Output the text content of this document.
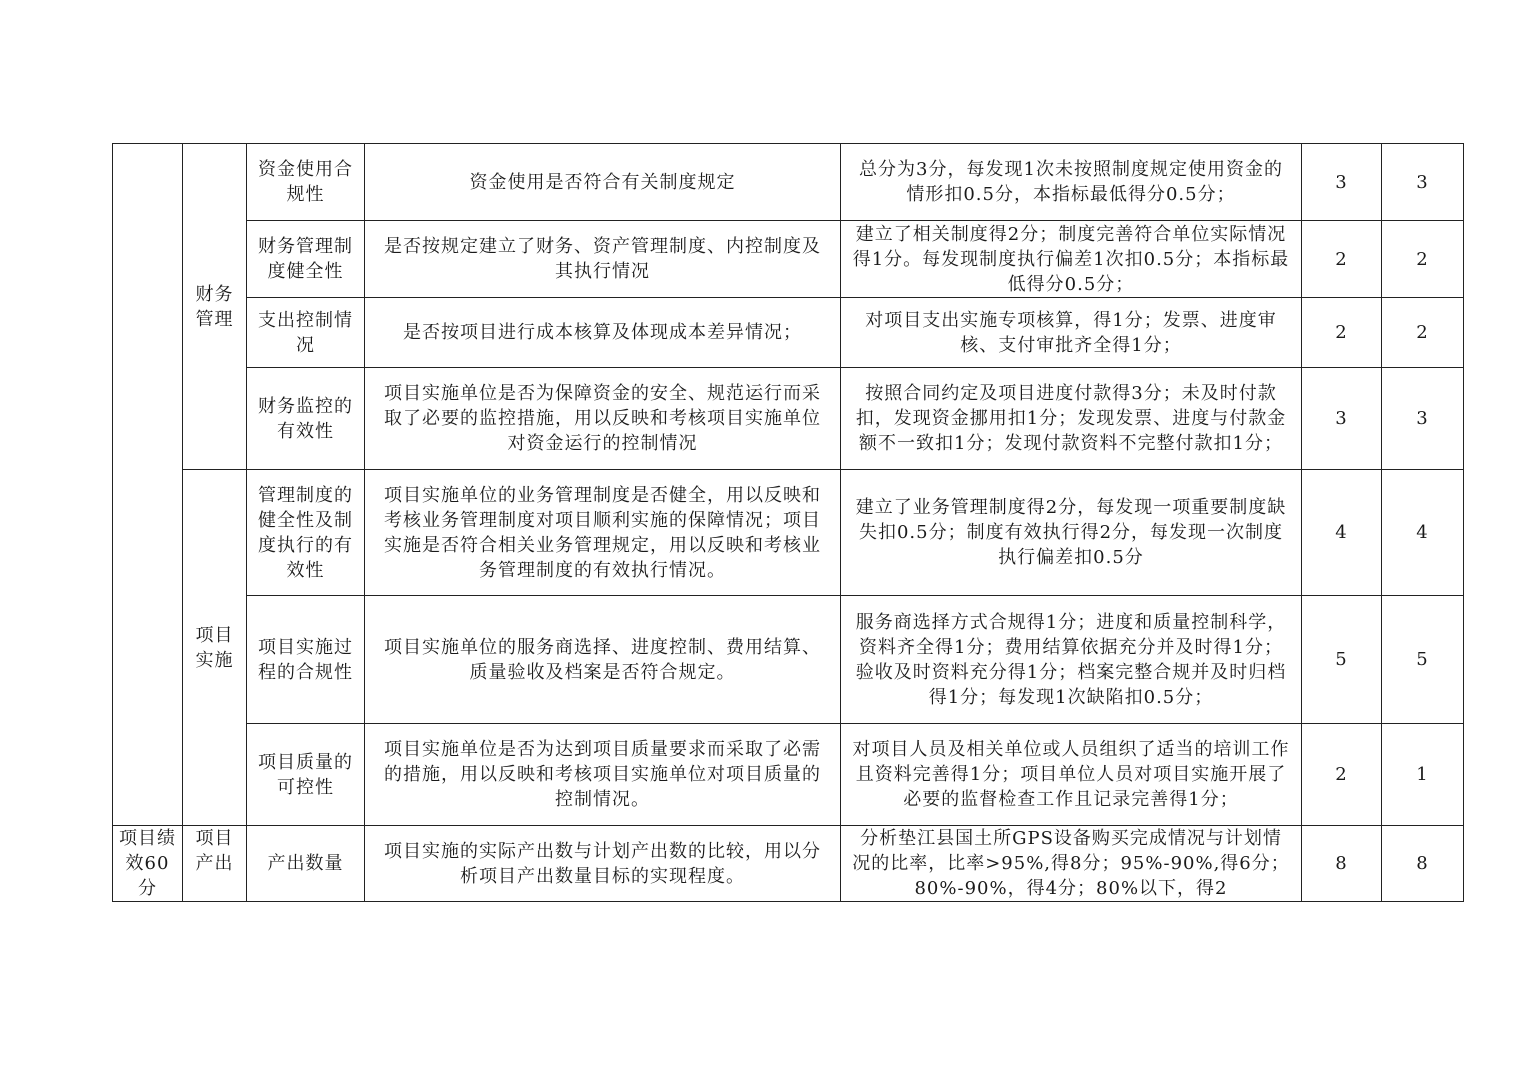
	财务管理	资金使用合规性	资金使用是否符合有关制度规定	总分为3分，每发现1次未按照制度规定使用资金的情形扣0.5分，本指标最低得分0.5分；	3	3
		财务管理制度健全性	是否按规定建立了财务、资产管理制度、内控制度及其执行情况	建立了相关制度得2分；制度完善符合单位实际情况得1分。每发现制度执行偏差1次扣0.5分；本指标最低得分0.5分；	2	2
		支出控制情况	是否按项目进行成本核算及体现成本差异情况；	对项目支出实施专项核算，得1分；发票、进度审核、支付审批齐全得1分；	2	2
		财务监控的有效性	项目实施单位是否为保障资金的安全、规范运行而采取了必要的监控措施，用以反映和考核项目实施单位对资金运行的控制情况	按照合同约定及项目进度付款得3分；未及时付款扣，发现资金挪用扣1分；发现发票、进度与付款金额不一致扣1分；发现付款资料不完整付款扣1分；	3	3
	项目实施	管理制度的健全性及制度执行的有效性	项目实施单位的业务管理制度是否健全，用以反映和考核业务管理制度对项目顺利实施的保障情况；项目实施是否符合相关业务管理规定，用以反映和考核业务管理制度的有效执行情况。	建立了业务管理制度得2分，每发现一项重要制度缺失扣0.5分；制度有效执行得2分，每发现一次制度执行偏差扣0.5分	4	4
		项目实施过程的合规性	项目实施单位的服务商选择、进度控制、费用结算、质量验收及档案是否符合规定。	服务商选择方式合规得1分；进度和质量控制科学，资料齐全得1分；费用结算依据充分并及时得1分；验收及时资料充分得1分；档案完整合规并及时归档得1分；每发现1次缺陷扣0.5分；	5	5
		项目质量的可控性	项目实施单位是否为达到项目质量要求而采取了必需的措施，用以反映和考核项目实施单位对项目质量的控制情况。	对项目人员及相关单位或人员组织了适当的培训工作且资料完善得1分；项目单位人员对项目实施开展了必要的监督检查工作且记录完善得1分；	2	1

项目绩效60分	项目产出	产出数量	项目实施的实际产出数与计划产出数的比较，用以分析项目产出数量目标的实现程度。	分析垫江县国土所GPS设备购买完成情况与计划情况的比率，比率>95%,得8分；95%-90%,得6分；80%-90%，得4分；80%以下，得2	8	8
